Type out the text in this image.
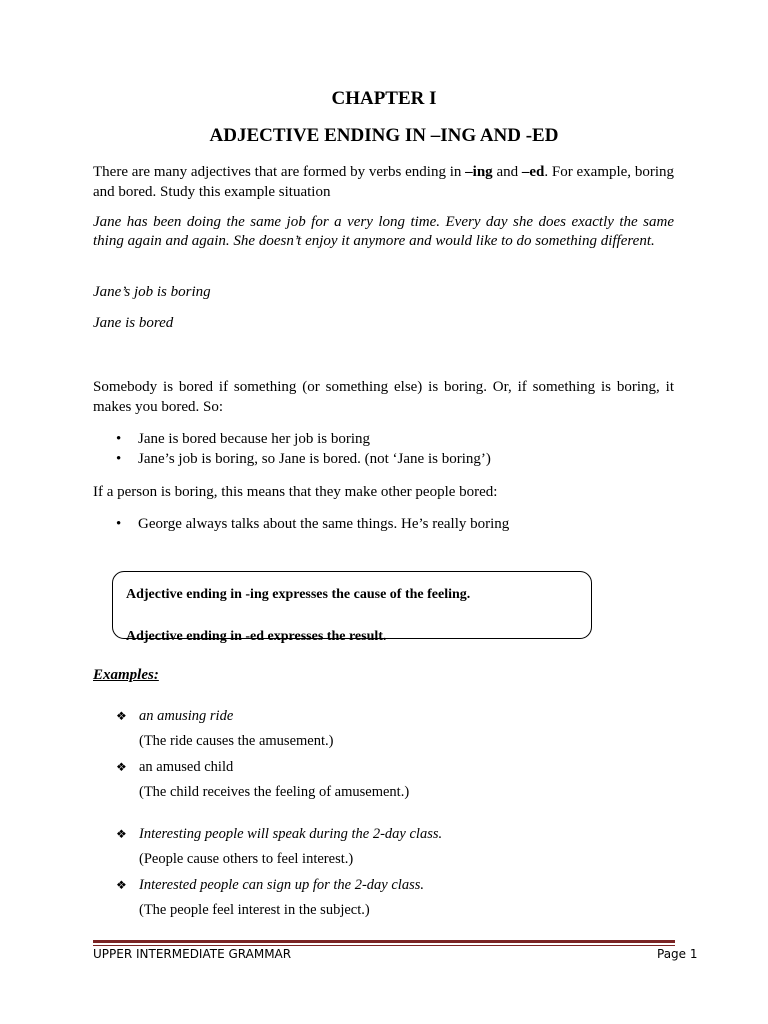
CHAPTER I
ADJECTIVE ENDING IN –ING AND -ED
There are many adjectives that are formed by verbs ending in –ing and –ed. For example, boring and bored. Study this example situation
Jane has been doing the same job for a very long time. Every day she does exactly the same thing again and again. She doesn’t enjoy it anymore and would like to do something different.
Jane’s job is boring
Jane is bored
Somebody is bored if something (or something else) is boring. Or, if something is boring, it makes you bored. So:
• Jane is bored because her job is boring
• Jane’s job is boring, so Jane is bored. (not ‘Jane is boring’)
If a person is boring, this means that they make other people bored:
• George always talks about the same things. He’s really boring
Adjective ending in -ing expresses the cause of the feeling.
Adjective ending in -ed expresses the result.
Examples:
❖ an amusing ride
(The ride causes the amusement.)
❖ an amused child
(The child receives the feeling of amusement.)
❖ Interesting people will speak during the 2-day class.
(People cause others to feel interest.)
❖ Interested people can sign up for the 2-day class.
(The people feel interest in the subject.)
UPPER INTERMEDIATE GRAMMAR	Page 1
